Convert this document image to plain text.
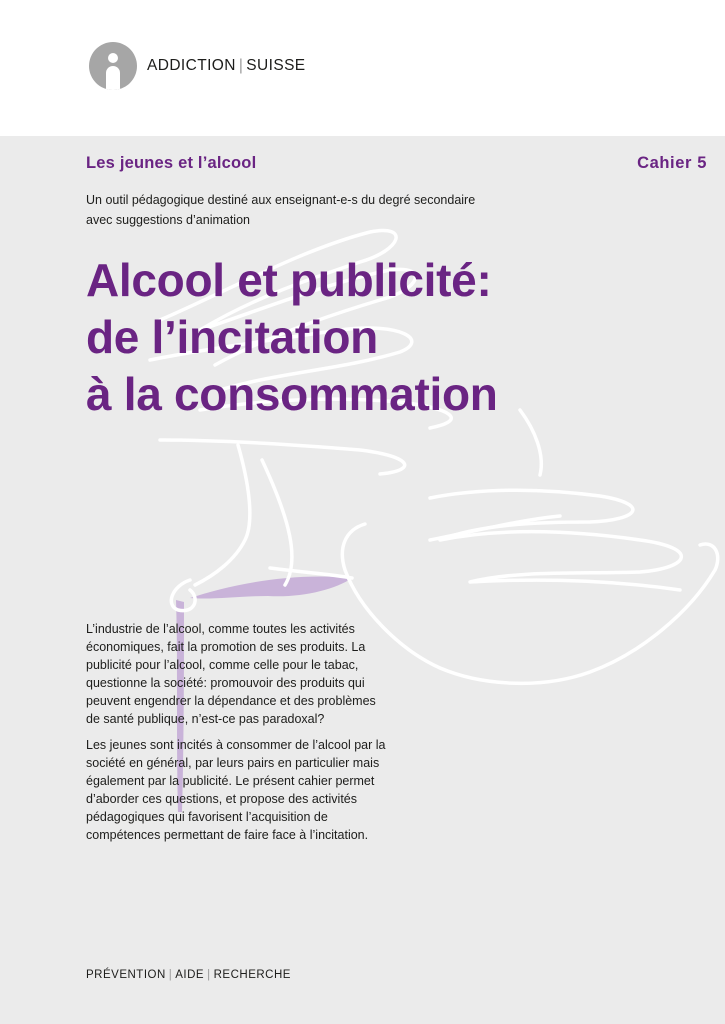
ADDICTION | SUISSE
Les jeunes et l’alcool	Cahier 5
Un outil pédagogique destiné aux enseignant-e-s du degré secondaire
avec suggestions d’animation
Alcool et publicité:
de l’incitation
à la consommation

L’industrie de l’alcool, comme toutes les activités économiques, fait la promotion de ses produits. La publicité pour l’alcool, comme celle pour le tabac, questionne la société: promouvoir des produits qui peuvent engendrer la dépendance et des problèmes de santé publique, n’est-ce pas paradoxal?

Les jeunes sont incités à consommer de l’alcool par la société en général, par leurs pairs en particulier mais également par la publicité. Le présent cahier permet d’aborder ces questions, et propose des activités pédagogiques qui favorisent l’acquisition de compétences permettant de faire face à l’incitation.

PRÉVENTION | AIDE | RECHERCHE
